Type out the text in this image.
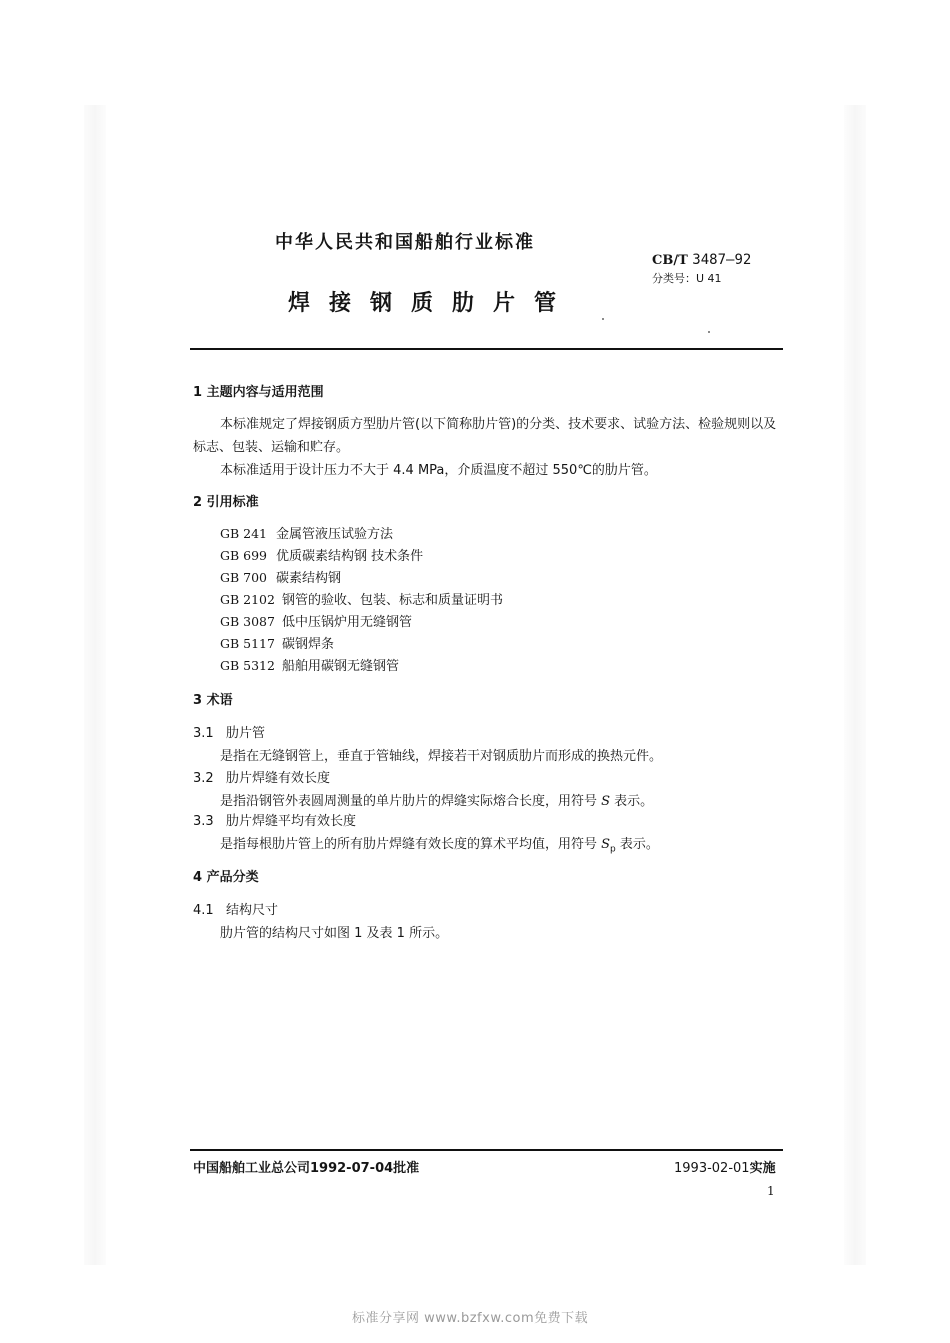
中华人民共和国船舶行业标准
CB/T 3487—92
分类号：U 41
焊接钢质肋片管
1 主题内容与适用范围
本标准规定了焊接钢质方型肋片管(以下简称肋片管)的分类、技术要求、试验方法、检验规则以及
标志、包装、运输和贮存。
本标准适用于设计压力不大于 4.4 MPa，介质温度不超过 550℃的肋片管。
2 引用标准
GB 241 金属管液压试验方法
GB 699 优质碳素结构钢 技术条件
GB 700 碳素结构钢
GB 2102 钢管的验收、包装、标志和质量证明书
GB 3087 低中压锅炉用无缝钢管
GB 5117 碳钢焊条
GB 5312 船舶用碳钢无缝钢管
3 术语
3.1 肋片管
是指在无缝钢管上，垂直于管轴线，焊接若干对钢质肋片而形成的换热元件。
3.2 肋片焊缝有效长度
是指沿钢管外表圆周测量的单片肋片的焊缝实际熔合长度，用符号 S 表示。
3.3 肋片焊缝平均有效长度
是指每根肋片管上的所有肋片焊缝有效长度的算术平均值，用符号 $S_p$ 表示。
4 产品分类
4.1 结构尺寸
肋片管的结构尺寸如图 1 及表 1 所示。
中国船舶工业总公司1992-07-04批准	1993-02-01实施
1
标准分享网 www.bzfxw.com免费下载
